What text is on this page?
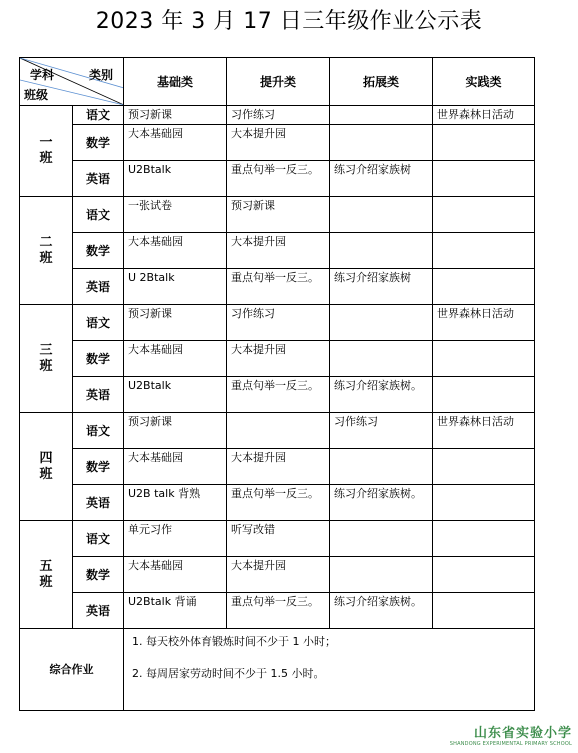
2023 年 3 月 17 日三年级作业公示表
学科 类别
班级		基础类	提升类	拓展类	实践类
一
班	语文	预习新课	习作练习		世界森林日活动
	数学	大本基础园	大本提升园		
	英语	U2Btalk	重点句举一反三。	练习介绍家族树	
二
班	语文	一张试卷	预习新课		
	数学	大本基础园	大本提升园		
	英语	U 2Btalk	重点句举一反三。	练习介绍家族树	
三
班	语文	预习新课	习作练习		世界森林日活动
	数学	大本基础园	大本提升园		
	英语	U2Btalk	重点句举一反三。	练习介绍家族树。	
四
班	语文	预习新课		习作练习	世界森林日活动
	数学	大本基础园	大本提升园		
	英语	U2B talk 背熟	重点句举一反三。	练习介绍家族树。	
五
班	语文	单元习作	听写改错		
	数学	大本基础园	大本提升园		
	英语	U2Btalk 背诵	重点句举一反三。	练习介绍家族树。	
综合作业		1. 每天校外体育锻炼时间不少于 1 小时；

2. 每周居家劳动时间不少于 1.5 小时。			

山东省实验小学
SHANDONG EXPERIMENTAL PRIMARY SCHOOL
